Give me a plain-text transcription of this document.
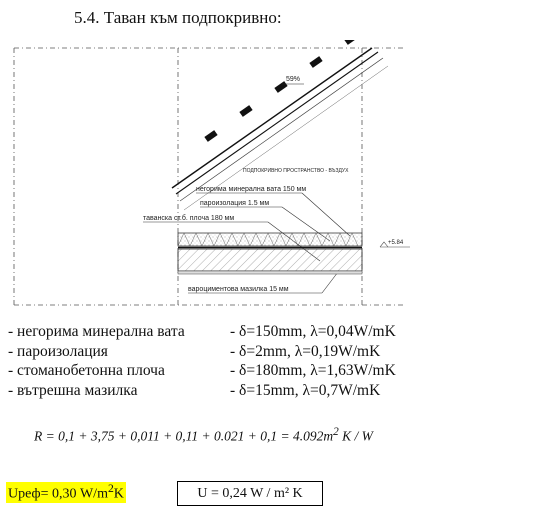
5.4. Таван към подпокривно:
59%
ПОДПОКРИВНО ПРОСТРАНСТВО - ВЪЗДУХ
негорима минерална вата 150 мм
пароизолация 1.5 мм
таванска ст.б. плоча 180 мм
вароциментова мазилка 15 мм
+5.84
- негорима минерална вата	- δ=150mm, λ=0,04W/mK
- пароизолация	- δ=2mm, λ=0,19W/mK
- стоманобетонна плоча	- δ=180mm, λ=1,63W/mK
- вътрешна мазилка	- δ=15mm, λ=0,7W/mK
$R = 0,1 + 3,75 + 0,011 + 0,11 + 0.021 + 0,1 = 4.092m^2$ K / W
Uреф= 0,30 $W/m^2K$	U = 0,24 W / m² K
